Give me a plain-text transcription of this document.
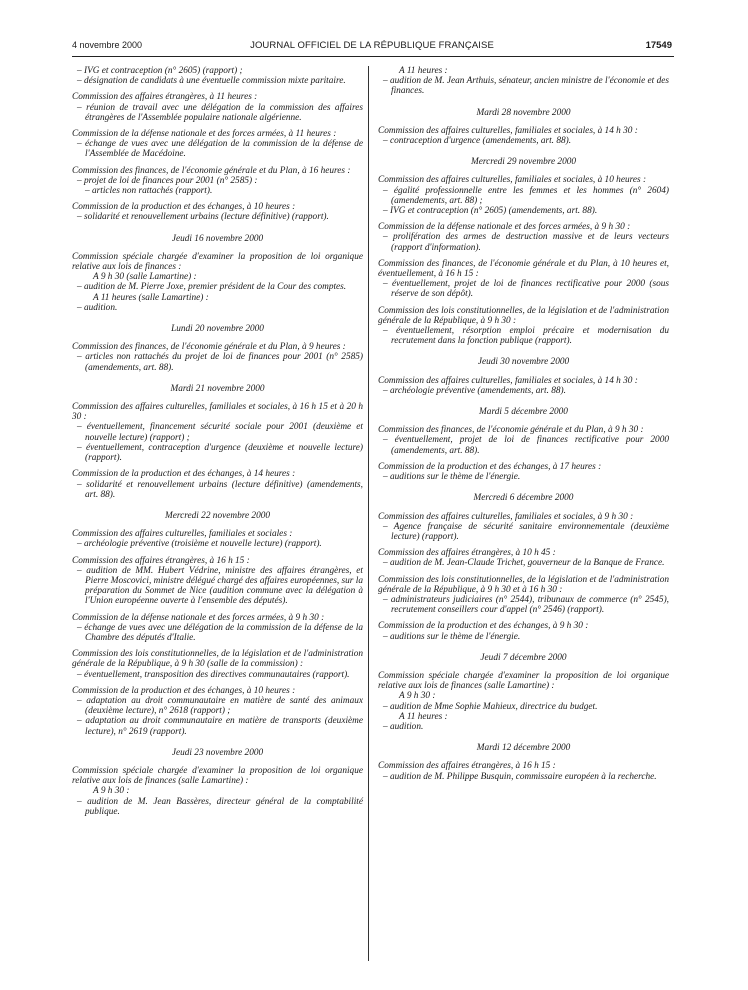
4 novembre 2000	JOURNAL OFFICIEL DE LA RÉPUBLIQUE FRANÇAISE	17549
– IVG et contraception (n° 2605) (rapport) ;
– désignation de candidats à une éventuelle commission mixte paritaire.
Commission des affaires étrangères, à 11 heures :
– réunion de travail avec une délégation de la commission des affaires étrangères de l'Assemblée populaire nationale algérienne.
Commission de la défense nationale et des forces armées, à 11 heures :
– échange de vues avec une délégation de la commission de la défense de l'Assemblée de Macédoine.
Commission des finances, de l'économie générale et du Plan, à 16 heures :
– projet de loi de finances pour 2001 (n° 2585) :
– articles non rattachés (rapport).
Commission de la production et des échanges, à 10 heures :
– solidarité et renouvellement urbains (lecture définitive) (rapport).
Jeudi 16 novembre 2000
Commission spéciale chargée d'examiner la proposition de loi organique relative aux lois de finances :
A 9 h 30 (salle Lamartine) :
– audition de M. Pierre Joxe, premier président de la Cour des comptes.
A 11 heures (salle Lamartine) :
– audition.
Lundi 20 novembre 2000
Commission des finances, de l'économie générale et du Plan, à 9 heures :
– articles non rattachés du projet de loi de finances pour 2001 (n° 2585) (amendements, art. 88).
Mardi 21 novembre 2000
Commission des affaires culturelles, familiales et sociales, à 16 h 15 et à 20 h 30 :
– éventuellement, financement sécurité sociale pour 2001 (deuxième et nouvelle lecture) (rapport) ;
– éventuellement, contraception d'urgence (deuxième et nouvelle lecture) (rapport).
Commission de la production et des échanges, à 14 heures :
– solidarité et renouvellement urbains (lecture définitive) (amendements, art. 88).
Mercredi 22 novembre 2000
Commission des affaires culturelles, familiales et sociales :
– archéologie préventive (troisième et nouvelle lecture) (rapport).
Commission des affaires étrangères, à 16 h 15 :
– audition de MM. Hubert Védrine, ministre des affaires étrangères, et Pierre Moscovici, ministre délégué chargé des affaires européennes, sur la préparation du Sommet de Nice (audition commune avec la délégation à l'Union européenne ouverte à l'ensemble des députés).
Commission de la défense nationale et des forces armées, à 9 h 30 :
– échange de vues avec une délégation de la commission de la défense de la Chambre des députés d'Italie.
Commission des lois constitutionnelles, de la législation et de l'administration générale de la République, à 9 h 30 (salle de la commission) :
– éventuellement, transposition des directives communautaires (rapport).
Commission de la production et des échanges, à 10 heures :
– adaptation au droit communautaire en matière de santé des animaux (deuxième lecture), n° 2618 (rapport) ;
– adaptation au droit communautaire en matière de transports (deuxième lecture), n° 2619 (rapport).
Jeudi 23 novembre 2000
Commission spéciale chargée d'examiner la proposition de loi organique relative aux lois de finances (salle Lamartine) :
A 9 h 30 :
– audition de M. Jean Bassères, directeur général de la comptabilité publique.
A 11 heures :
– audition de M. Jean Arthuis, sénateur, ancien ministre de l'économie et des finances.
Mardi 28 novembre 2000
Commission des affaires culturelles, familiales et sociales, à 14 h 30 :
– contraception d'urgence (amendements, art. 88).
Mercredi 29 novembre 2000
Commission des affaires culturelles, familiales et sociales, à 10 heures :
– égalité professionnelle entre les femmes et les hommes (n° 2604) (amendements, art. 88) ;
– IVG et contraception (n° 2605) (amendements, art. 88).
Commission de la défense nationale et des forces armées, à 9 h 30 :
– prolifération des armes de destruction massive et de leurs vecteurs (rapport d'information).
Commission des finances, de l'économie générale et du Plan, à 10 heures et, éventuellement, à 16 h 15 :
– éventuellement, projet de loi de finances rectificative pour 2000 (sous réserve de son dépôt).
Commission des lois constitutionnelles, de la législation et de l'administration générale de la République, à 9 h 30 :
– éventuellement, résorption emploi précaire et modernisation du recrutement dans la fonction publique (rapport).
Jeudi 30 novembre 2000
Commission des affaires culturelles, familiales et sociales, à 14 h 30 :
– archéologie préventive (amendements, art. 88).
Mardi 5 décembre 2000
Commission des finances, de l'économie générale et du Plan, à 9 h 30 :
– éventuellement, projet de loi de finances rectificative pour 2000 (amendements, art. 88).
Commission de la production et des échanges, à 17 heures :
– auditions sur le thème de l'énergie.
Mercredi 6 décembre 2000
Commission des affaires culturelles, familiales et sociales, à 9 h 30 :
– Agence française de sécurité sanitaire environnementale (deuxième lecture) (rapport).
Commission des affaires étrangères, à 10 h 45 :
– audition de M. Jean-Claude Trichet, gouverneur de la Banque de France.
Commission des lois constitutionnelles, de la législation et de l'administration générale de la République, à 9 h 30 et à 16 h 30 :
– administrateurs judiciaires (n° 2544), tribunaux de commerce (n° 2545), recrutement conseillers cour d'appel (n° 2546) (rapport).
Commission de la production et des échanges, à 9 h 30 :
– auditions sur le thème de l'énergie.
Jeudi 7 décembre 2000
Commission spéciale chargée d'examiner la proposition de loi organique relative aux lois de finances (salle Lamartine) :
A 9 h 30 :
– audition de Mme Sophie Mahieux, directrice du budget.
A 11 heures :
– audition.
Mardi 12 décembre 2000
Commission des affaires étrangères, à 16 h 15 :
– audition de M. Philippe Busquin, commissaire européen à la recherche.
